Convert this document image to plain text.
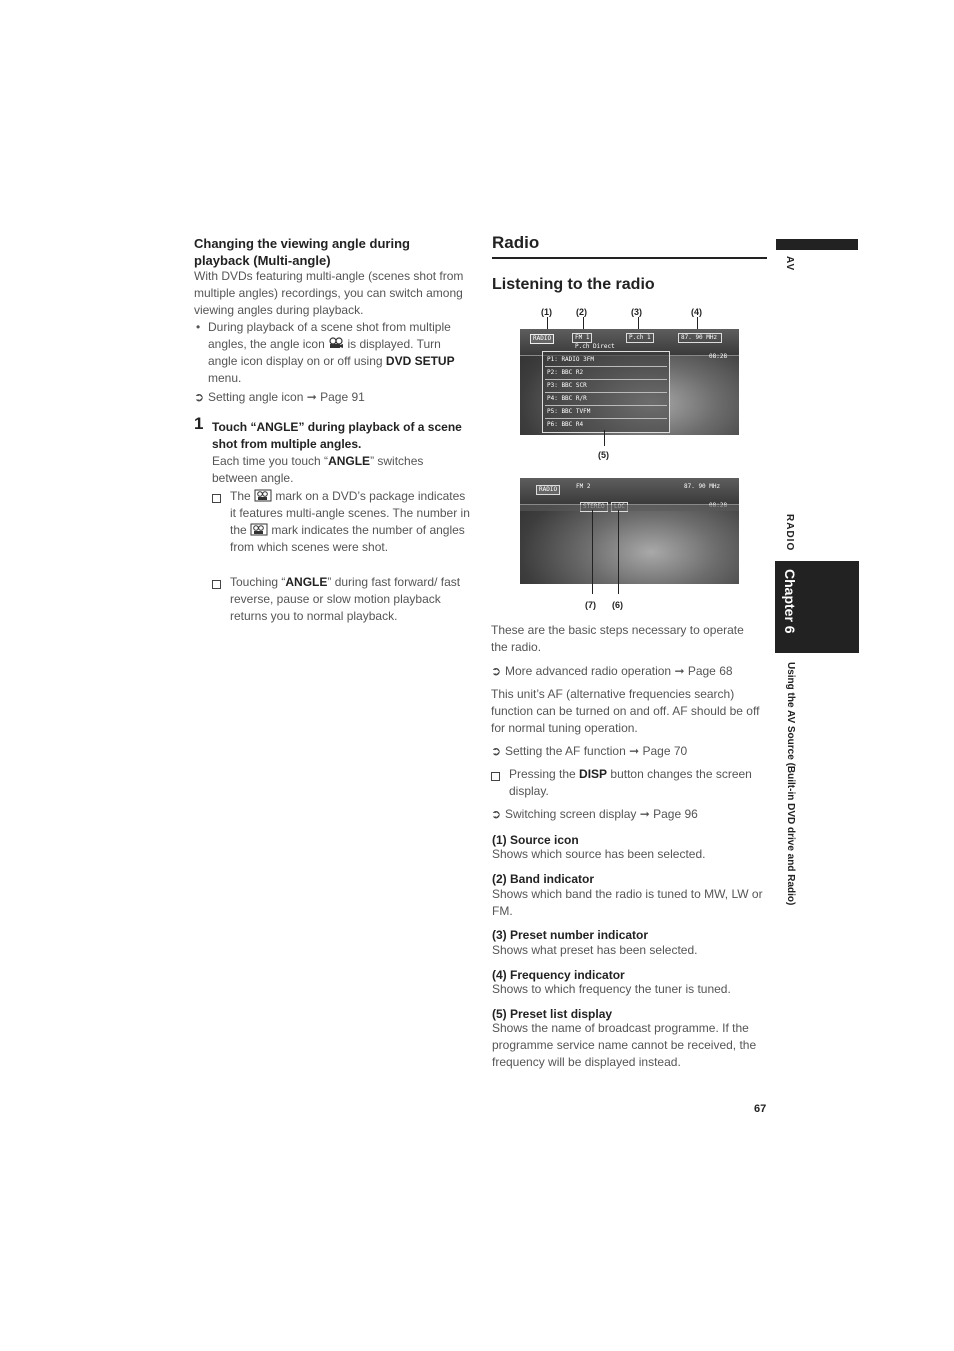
Changing the viewing angle during playback (Multi-angle)
With DVDs featuring multi-angle (scenes shot from multiple angles) recordings, you can switch among viewing angles during playback.
• During playback of a scene shot from multiple angles, the angle icon is displayed. Turn angle icon display on or off using DVD SETUP menu.
➲ Setting angle icon ➞ Page 91
1 Touch “ANGLE” during playback of a scene shot from multiple angles.
Each time you touch “ANGLE” switches between angle.
The mark on a DVD’s package indicates it features multi-angle scenes. The number in the mark indicates the number of angles from which scenes were shot.
Touching “ANGLE” during fast forward/ fast reverse, pause or slow motion playback returns you to normal playback.
Radio
Listening to the radio
(1)	(2)	(3)	(4)
RADIO	FM 1
P.ch Direct
P.ch 1	87. 90 MHz
08:28
P1: RADIO 3FM
P2: BBC R2
P3: BBC SCR
P4: BBC R/R
P5: BBC TVFM
P6: BBC R4
(5)
RADIO	FM 2	87. 90 MHz
(7) (6)
These are the basic steps necessary to operate the radio.
➲ More advanced radio operation ➞ Page 68
This unit’s AF (alternative frequencies search) function can be turned on and off. AF should be off for normal tuning operation.
➲ Setting the AF function ➞ Page 70
Pressing the DISP button changes the screen display.
➲ Switching screen display ➞ Page 96
(1) Source icon
Shows which source has been selected.
(2) Band indicator
Shows which band the radio is tuned to MW, LW or FM.
(3) Preset number indicator
Shows what preset has been selected.
(4) Frequency indicator
Shows to which frequency the tuner is tuned.
(5) Preset list display
Shows the name of broadcast programme. If the programme service name cannot be received, the frequency will be displayed instead.
67
AV
RADIO
Chapter 6
Using the AV Source (Built-in DVD drive and Radio)
